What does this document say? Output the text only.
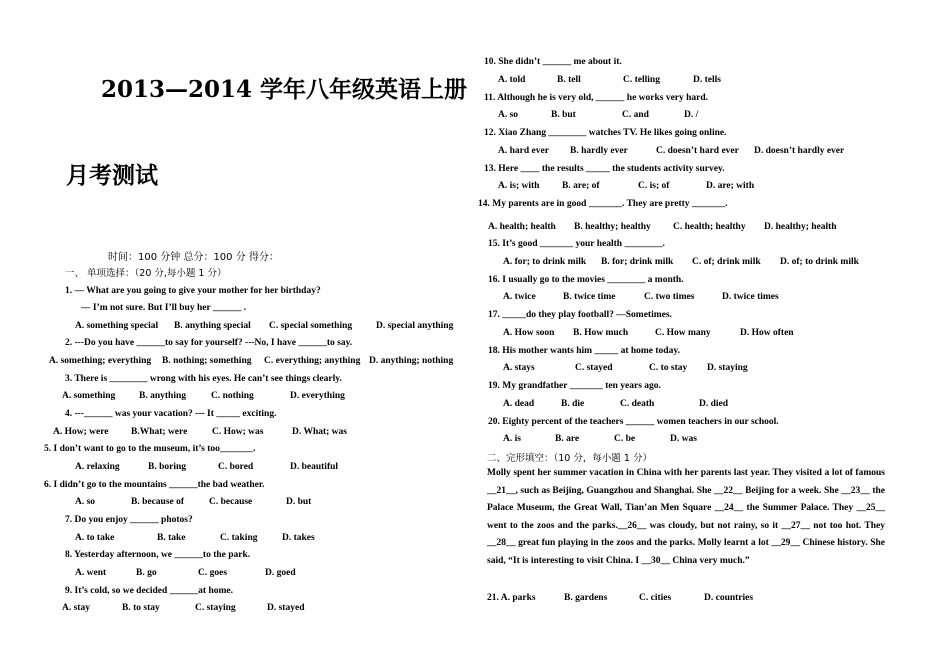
2013—2014 学年八年级英语上册
月考测试
时间：100 分钟 总分：100 分 得分：
一、 单项选择：（20 分,每小题 1 分）
1. — What are you going to give your mother for her birthday?
— I’m not sure. But I’ll buy her ______ .
A. something special B. anything special C. special something	D. special anything
2. ---Do you have ______to say for yourself? ---No, I have ______to say.
A. something; everything B. nothing; something C. everything; anything D. anything; nothing
3. There is ________ wrong with his eyes. He can’t see things clearly.
A. something B. anything	C. nothing	D. everything
4. ---______ was your vacation? --- It _____ exciting.
A. How; were B.What; were	C. How; was	D. What; was
5. I don’t want to go to the museum, it’s too_______.
A. relaxing	B. boring	C. bored	D. beautiful
6. I didn’t go to the mountains ______the bad weather.
A. so	B. because of	C. because	D. but
7. Do you enjoy ______ photos?
A. to take	B. take	C. taking	D. takes
8. Yesterday afternoon, we ______to the park.
A. went	B. go	C. goes	D. goed
9. It’s cold, so we decided ______at home.
A. stay	B. to stay	C. staying	D. stayed
10. She didn’t ______ me about it.
A. told	B. tell	C. telling	D. tells
11. Although he is very old, ______ he works very hard.
A. so	B. but	C. and	D. /
12. Xiao Zhang ________ watches TV. He likes going online.
A. hard ever B. hardly ever	C. doesn’t hard ever D. doesn’t hardly ever
13. Here ____ the results _____ the students activity survey.
A. is; with B. are; of	C. is; of	D. are; with
14. My parents are in good _______. They are pretty _______.
A. health; health B. healthy; healthy C. health; healthy D. healthy; health
15. It’s good _______ your health ________.
A. for; to drink milk B. for; drink milk C. of; drink milk D. of; to drink milk
16. I usually go to the movies ________ a month.
A. twice	B. twice time	C. two times	D. twice times
17. _____do they play football? —Sometimes.
A. How soon B. How much	C. How many	D. How often
18. His mother wants him _____ at home today.
A. stays	C. stayed	C. to stay D. staying
19. My grandfather _______ ten years ago.
A. dead	B. die	C. death	D. died
20. Eighty percent of the teachers ______ women teachers in our school.
A. is	B. are	C. be	D. was
二、完形填空：（10 分，每小题 1 分）
Molly spent her summer vacation in China with her parents last year. They visited a lot of famous __21__, such as Beijing, Guangzhou and Shanghai. She __22__ Beijing for a week. She __23__ the Palace Museum, the Great Wall, Tian’an Men Square __24__ the Summer Palace. They __25__ went to the zoos and the parks.__26__ was cloudy, but not rainy, so it __27__ not too hot. They __28__ great fun playing in the zoos and the parks. Molly learnt a lot __29__ Chinese history. She said, “It is interesting to visit China. I __30__ China very much.”
21. A. parks	B. gardens	C. cities	D. countries
